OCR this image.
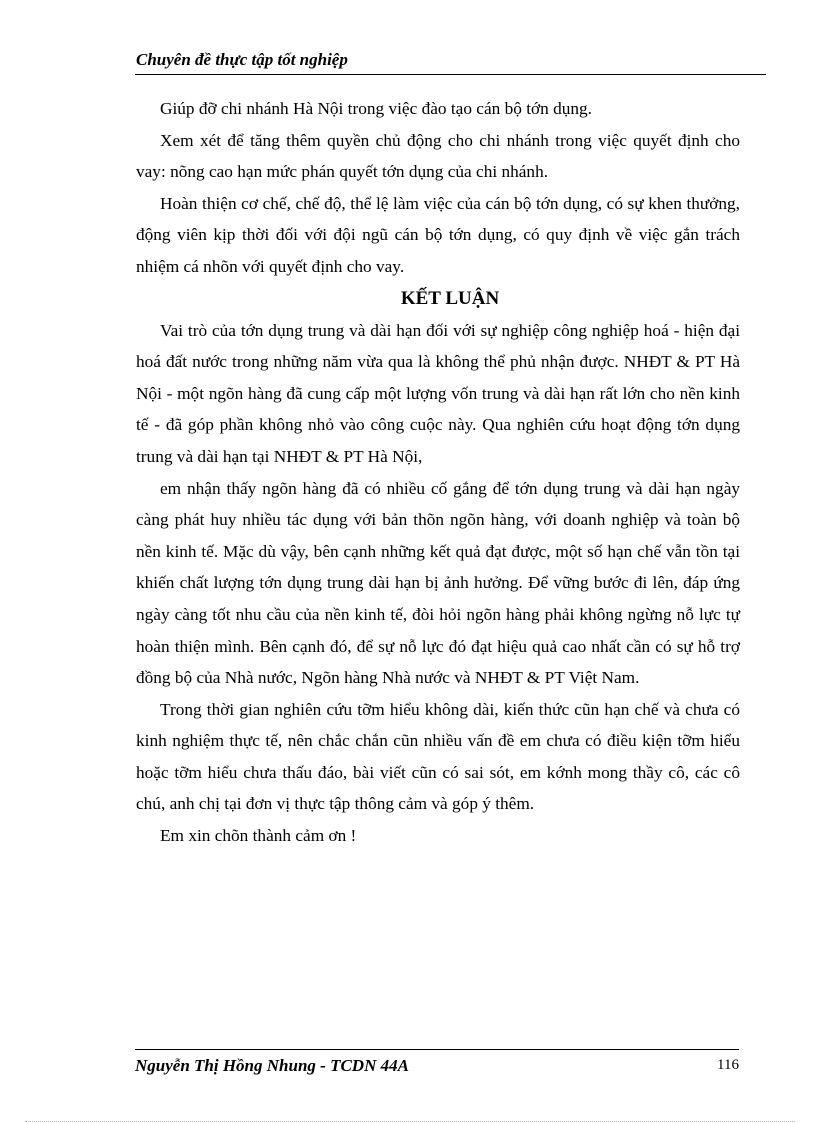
Chuyên đề thực tập tốt nghiệp

Giúp đỡ chi nhánh Hà Nội trong việc đào tạo cán bộ tớn dụng.

Xem xét để tăng thêm quyền chủ động cho chi nhánh trong việc quyết định cho vay: nõng cao hạn mức phán quyết tớn dụng của chi nhánh.

Hoàn thiện cơ chế, chế độ, thể lệ làm việc của cán bộ tớn dụng, có sự khen thưởng, động viên kịp thời đối với đội ngũ cán bộ tớn dụng, có quy định về việc gắn trách nhiệm cá nhõn với quyết định cho vay.

KẾT LUẬN

Vai trò của tớn dụng trung và dài hạn đối với sự nghiệp công nghiệp hoá - hiện đại hoá đất nước trong những năm vừa qua là không thể phủ nhận được. NHĐT & PT Hà Nội - một ngõn hàng đã cung cấp một lượng vốn trung và dài hạn rất lớn cho nền kinh tế - đã góp phần không nhỏ vào công cuộc này. Qua nghiên cứu hoạt động tớn dụng trung và dài hạn tại NHĐT & PT Hà Nội,

em nhận thấy ngõn hàng đã có nhiều cố gắng để tớn dụng trung và dài hạn ngày càng phát huy nhiều tác dụng với bản thõn ngõn hàng, với doanh nghiệp và toàn bộ nền kinh tế. Mặc dù vậy, bên cạnh những kết quả đạt được, một số hạn chế vẫn tồn tại khiến chất lượng tớn dụng trung dài hạn bị ảnh hưởng. Để vững bước đi lên, đáp ứng ngày càng tốt nhu cầu của nền kinh tế, đòi hỏi ngõn hàng phải không ngừng nỗ lực tự hoàn thiện mình. Bên cạnh đó, để sự nỗ lực đó đạt hiệu quả cao nhất cần có sự hỗ trợ đồng bộ của Nhà nước, Ngõn hàng Nhà nước và NHĐT & PT Việt Nam.

Trong thời gian nghiên cứu tỡm hiểu không dài, kiến thức cũn hạn chế và chưa có kinh nghiệm thực tế, nên chắc chắn cũn nhiều vấn đề em chưa có điều kiện tỡm hiểu hoặc tỡm hiểu chưa thấu đáo, bài viết cũn có sai sót, em kớnh mong thầy cô, các cô chú, anh chị tại đơn vị thực tập thông cảm và góp ý thêm.

Em xin chõn thành cảm ơn !

Nguyễn Thị Hồng Nhung - TCDN 44A	116
